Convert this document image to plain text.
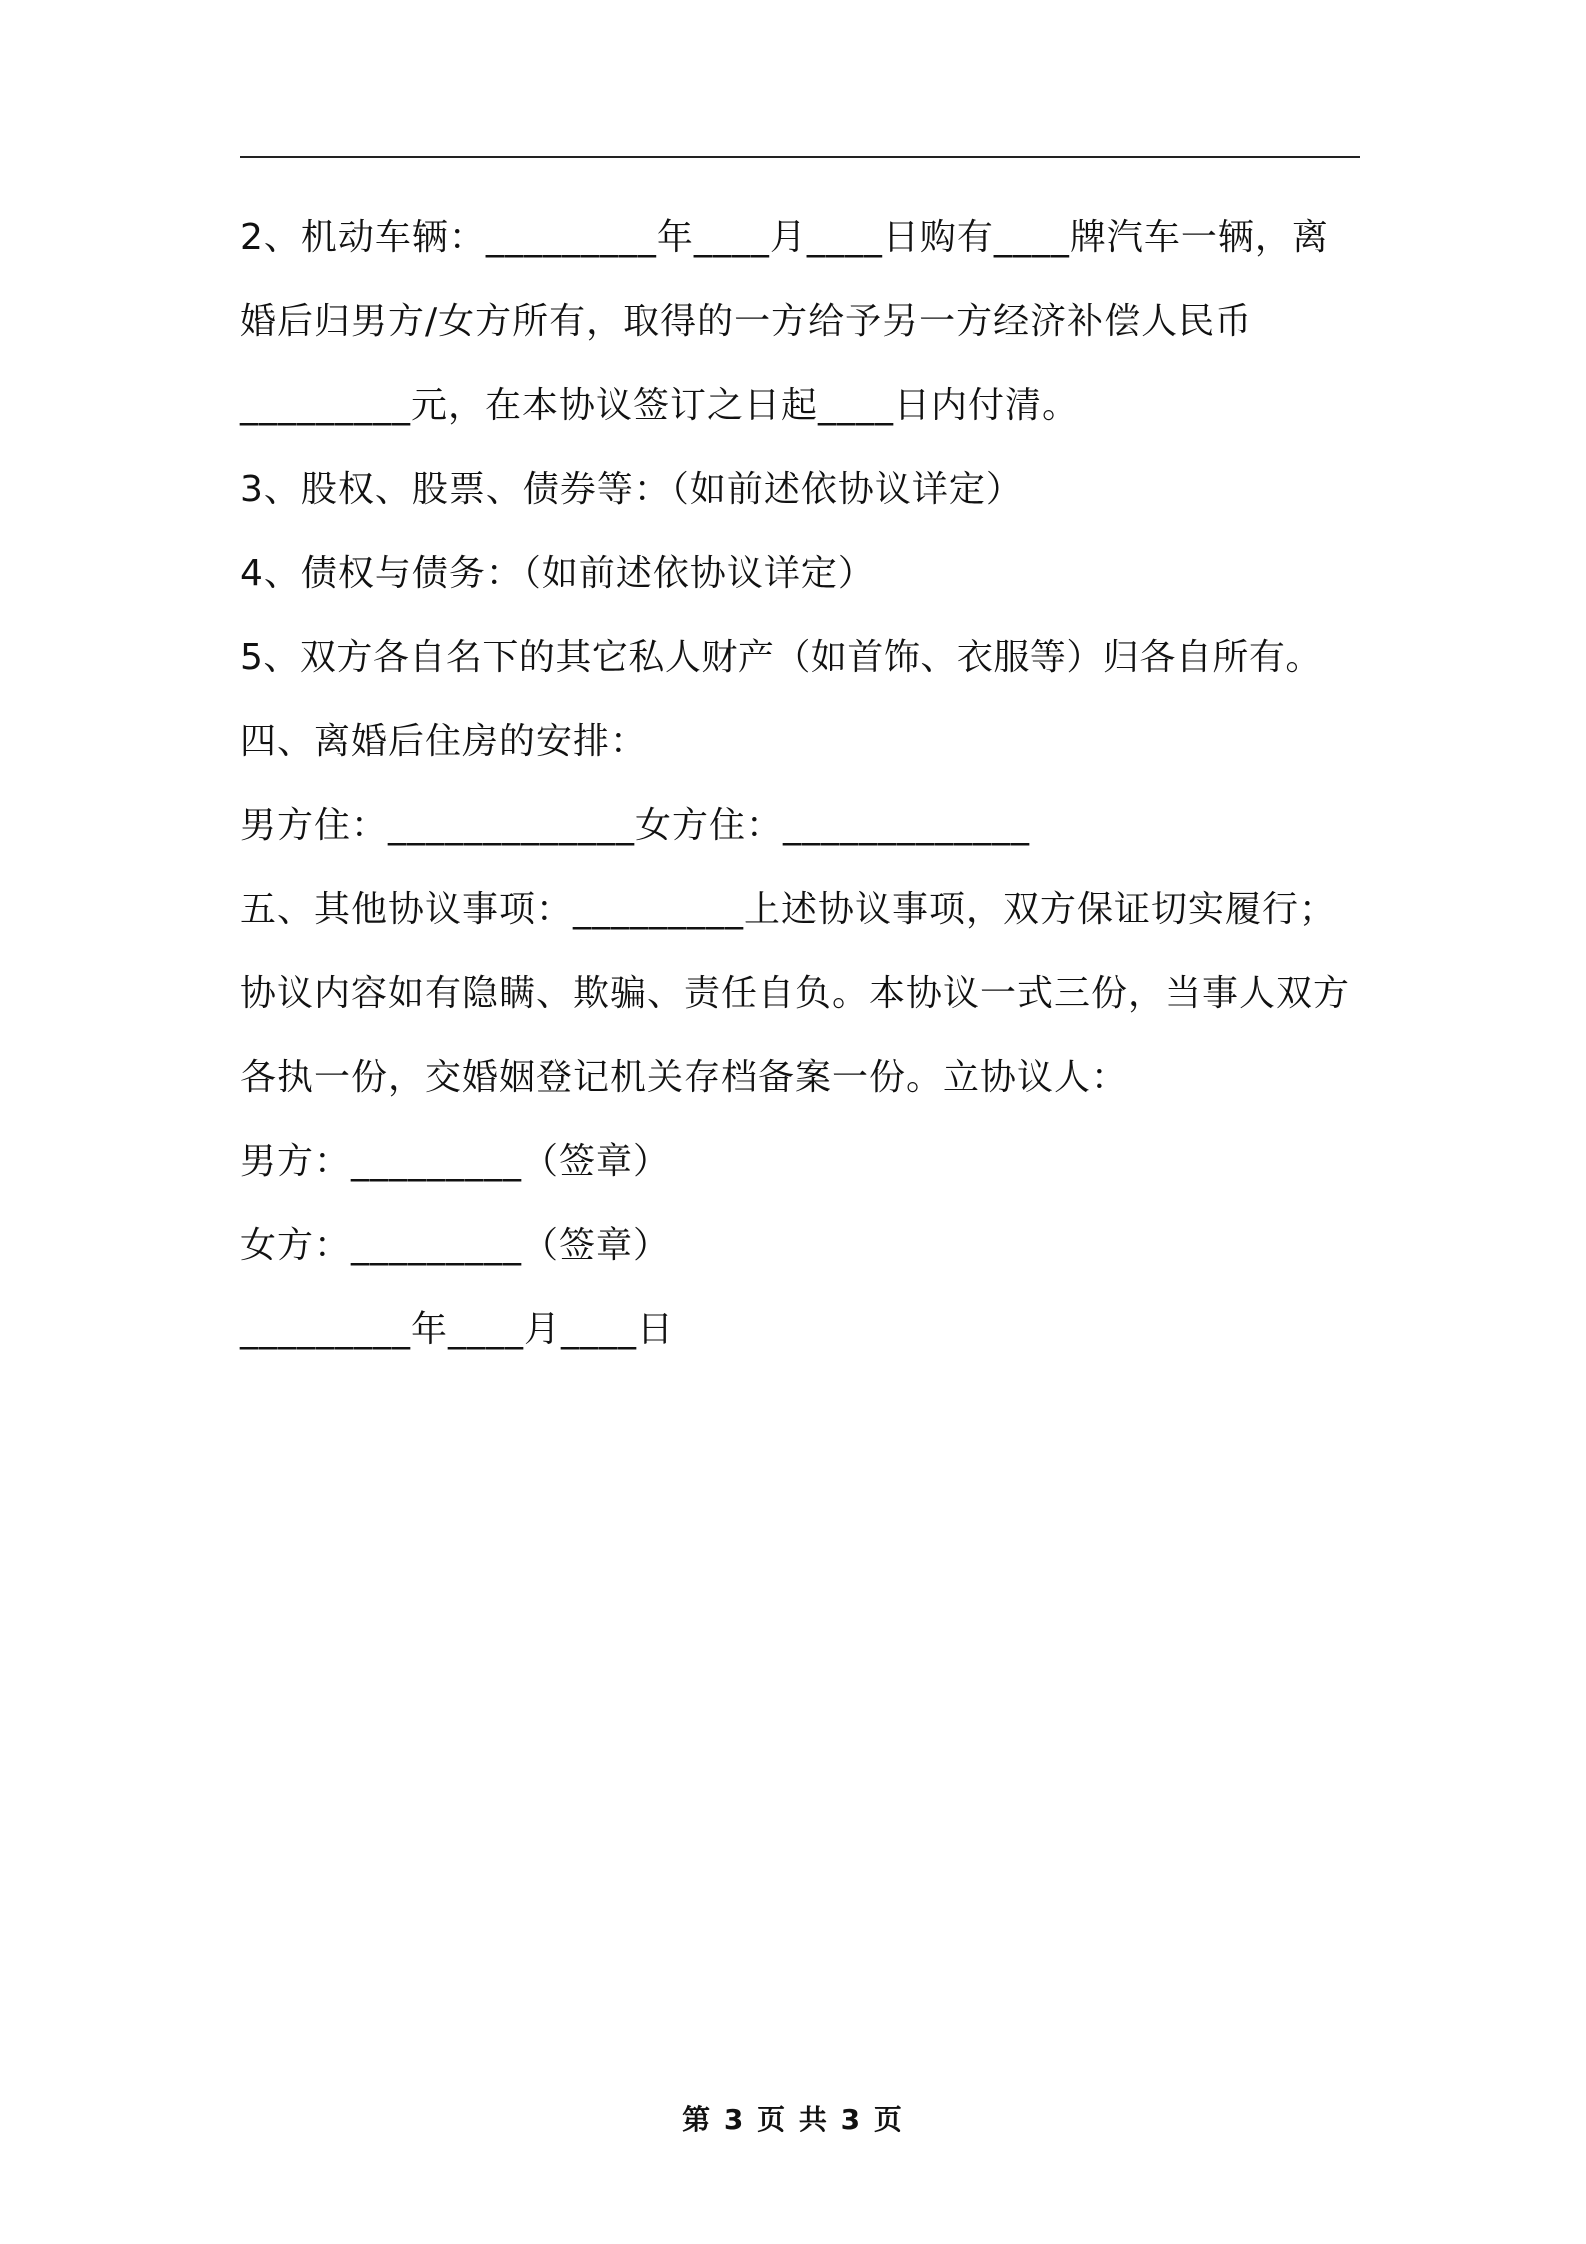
2、机动车辆：_________年____月____日购有____牌汽车一辆，离婚后归男方/女方所有，取得的一方给予另一方经济补偿人民币_________元，在本协议签订之日起____日内付清。

3、股权、股票、债券等：（如前述依协议详定）

4、债权与债务：（如前述依协议详定）

5、双方各自名下的其它私人财产（如首饰、衣服等）归各自所有。

四、离婚后住房的安排：

男方住：_____________女方住：_____________

五、其他协议事项：_________上述协议事项，双方保证切实履行；协议内容如有隐瞒、欺骗、责任自负。本协议一式三份，当事人双方各执一份，交婚姻登记机关存档备案一份。立协议人：

男方：_________（签章）

女方：_________（签章）

_________年____月____日

第 3 页 共 3 页
